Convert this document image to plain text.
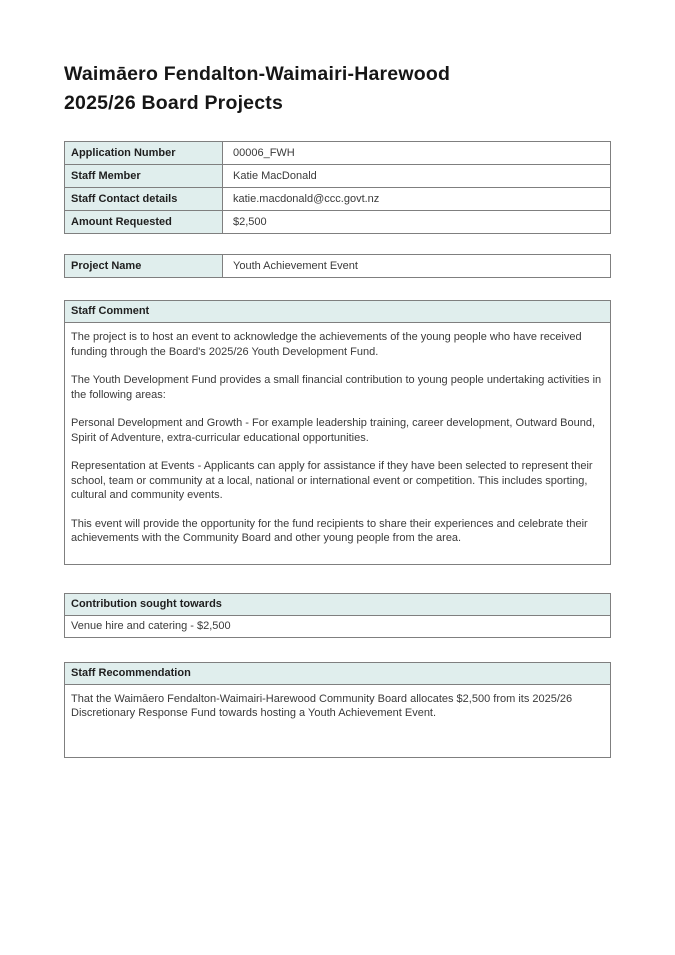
Waimāero Fendalton-Waimairi-Harewood
2025/26 Board Projects
Application Number	00006_FWH
Staff Member	Katie MacDonald
Staff Contact details	katie.macdonald@ccc.govt.nz
Amount Requested	$2,500
Project Name	Youth Achievement Event
Staff Comment

The project is to host an event to acknowledge the achievements of the young people who have received funding through the Board's 2025/26 Youth Development Fund.

The Youth Development Fund provides a small financial contribution to young people undertaking activities in the following areas:

Personal Development and Growth - For example leadership training, career development, Outward Bound, Spirit of Adventure, extra-curricular educational opportunities.

Representation at Events - Applicants can apply for assistance if they have been selected to represent their school, team or community at a local, national or international event or competition. This includes sporting, cultural and community events.

This event will provide the opportunity for the fund recipients to share their experiences and celebrate their achievements with the Community Board and other young people from the area.

Contribution sought towards
Venue hire and catering - $2,500
Staff Recommendation

That the Waimāero Fendalton-Waimairi-Harewood Community Board allocates $2,500 from its 2025/26 Discretionary Response Fund towards hosting a Youth Achievement Event.
